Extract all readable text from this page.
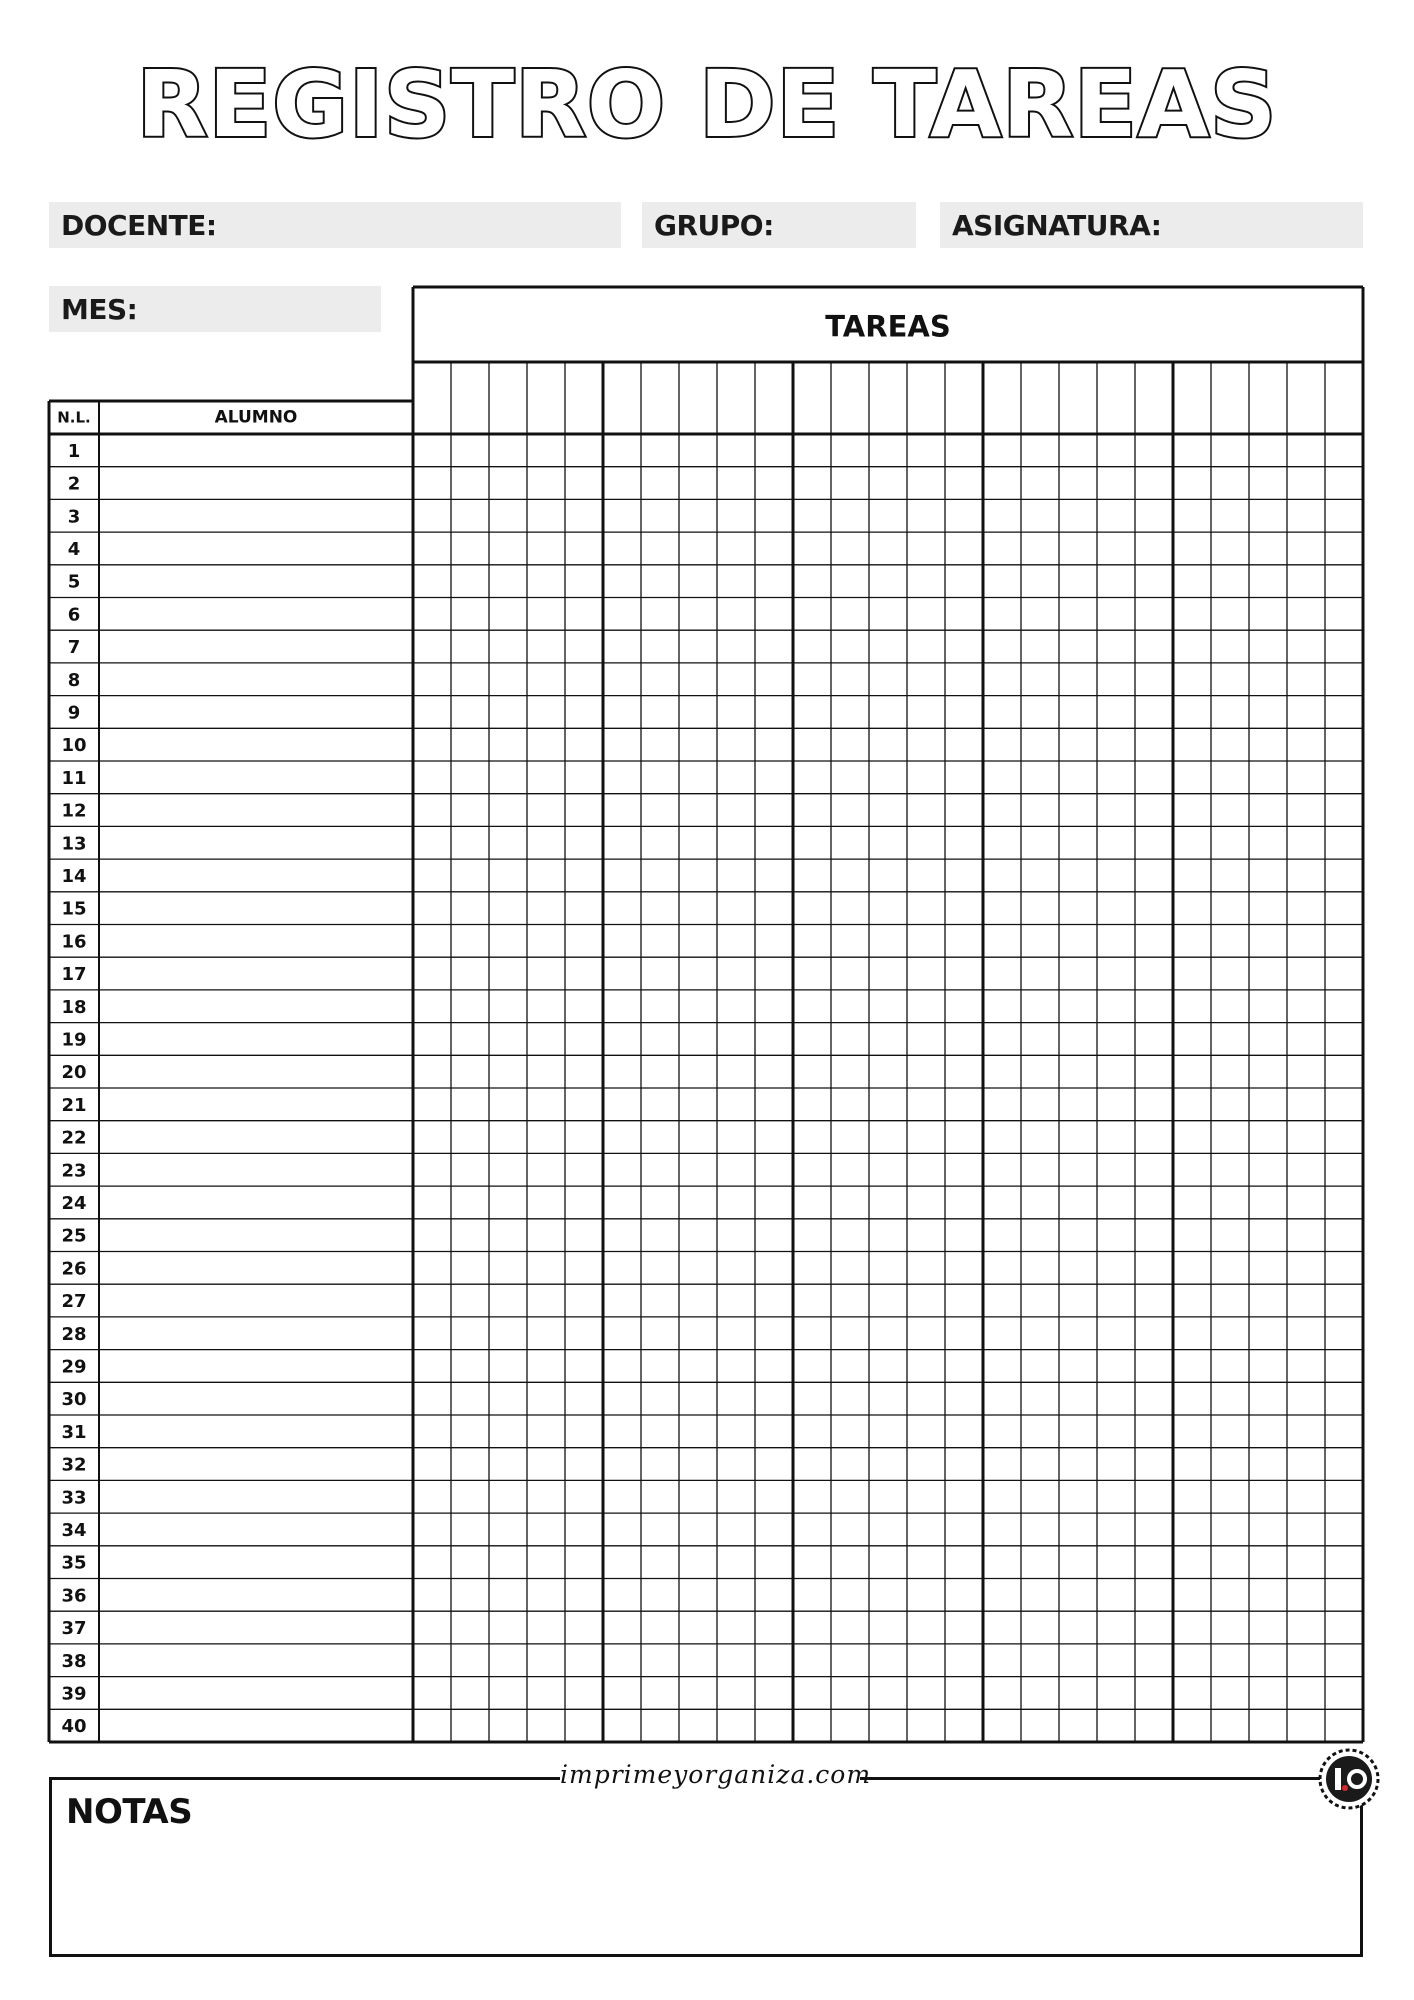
REGISTRO DE TAREAS
DOCENTE:	GRUPO:	ASIGNATURA:
MES:	TAREAS
N.L.	ALUMNO
1
2
3
4
5
6
7
8
9
10
11
12
13
14
15
16
17
18
19
20
21
22
23
24
25
26
27
28
29
30
31
32
33
34
35
36
37
38
39
40
NOTAS
imprimeyorganiza.com
